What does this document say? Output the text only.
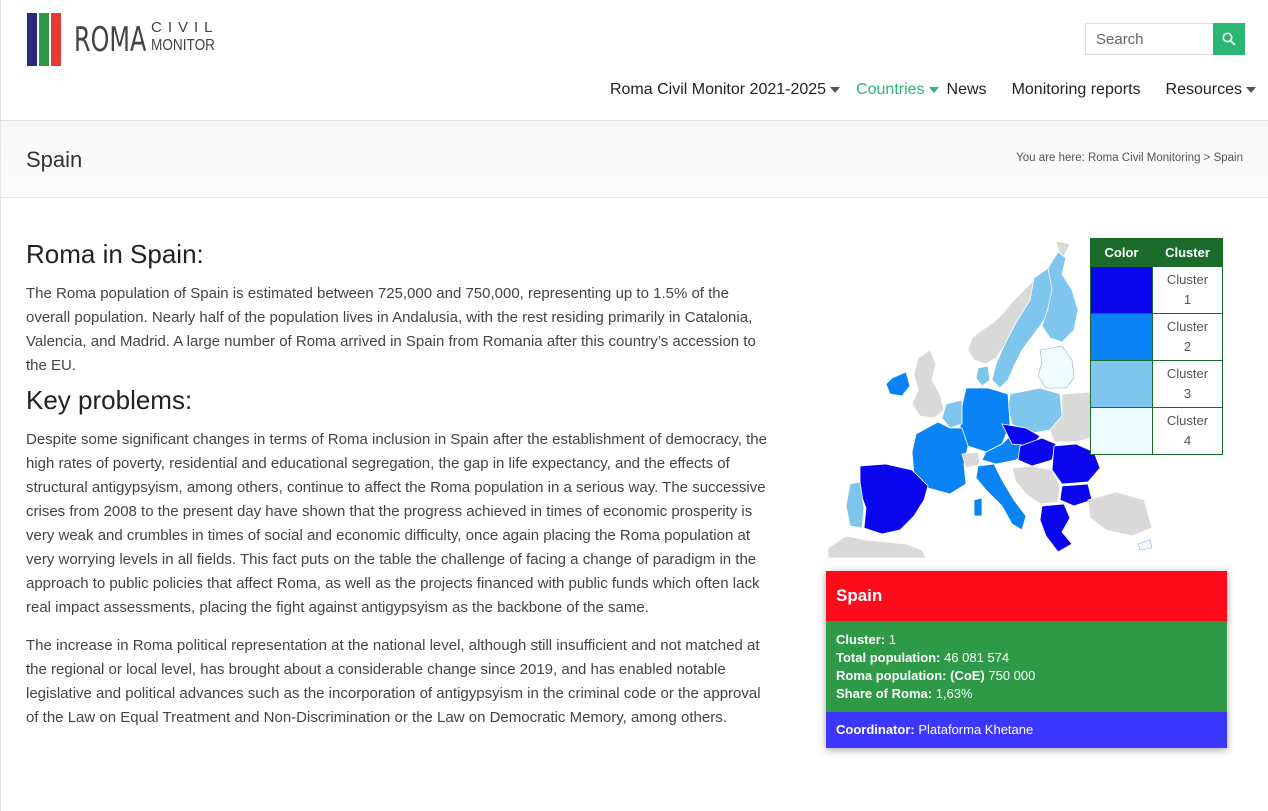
ROMA CIVIL
MONITOR
Search
Roma Civil Monitor 2021-2025 Countries News Monitoring reports Resources
Spain	You are here: Roma Civil Monitoring > Spain
Roma in Spain:

The Roma population of Spain is estimated between 725,000 and 750,000, representing up to 1.5% of the overall population. Nearly half of the population lives in Andalusia, with the rest residing primarily in Catalonia, Valencia, and Madrid. A large number of Roma arrived in Spain from Romania after this country’s accession to the EU.

Key problems:

Despite some significant changes in terms of Roma inclusion in Spain after the establishment of democracy, the high rates of poverty, residential and educational segregation, the gap in life expectancy, and the effects of structural antigypsyism, among others, continue to affect the Roma population in a serious way. The successive crises from 2008 to the present day have shown that the progress achieved in times of economic prosperity is very weak and crumbles in times of social and economic difficulty, once again placing the Roma population at very worrying levels in all fields. This fact puts on the table the challenge of facing a change of paradigm in the approach to public policies that affect Roma, as well as the projects financed with public funds which often lack real impact assessments, placing the fight against antigypsyism as the backbone of the same.

The increase in Roma political representation at the national level, although still insufficient and not matched at the regional or local level, has brought about a considerable change since 2019, and has enabled notable legislative and political advances such as the incorporation of antigypsyism in the criminal code or the approval of the Law on Equal Treatment and Non-Discrimination or the Law on Democratic Memory, among others.

Color	Cluster
	Cluster
1
	Cluster
2
	Cluster
3
	Cluster
4
Spain
Cluster: 1
Total population: 46 081 574
Roma population: (CoE) 750 000
Share of Roma: 1,63%
Coordinator: Plataforma Khetane
